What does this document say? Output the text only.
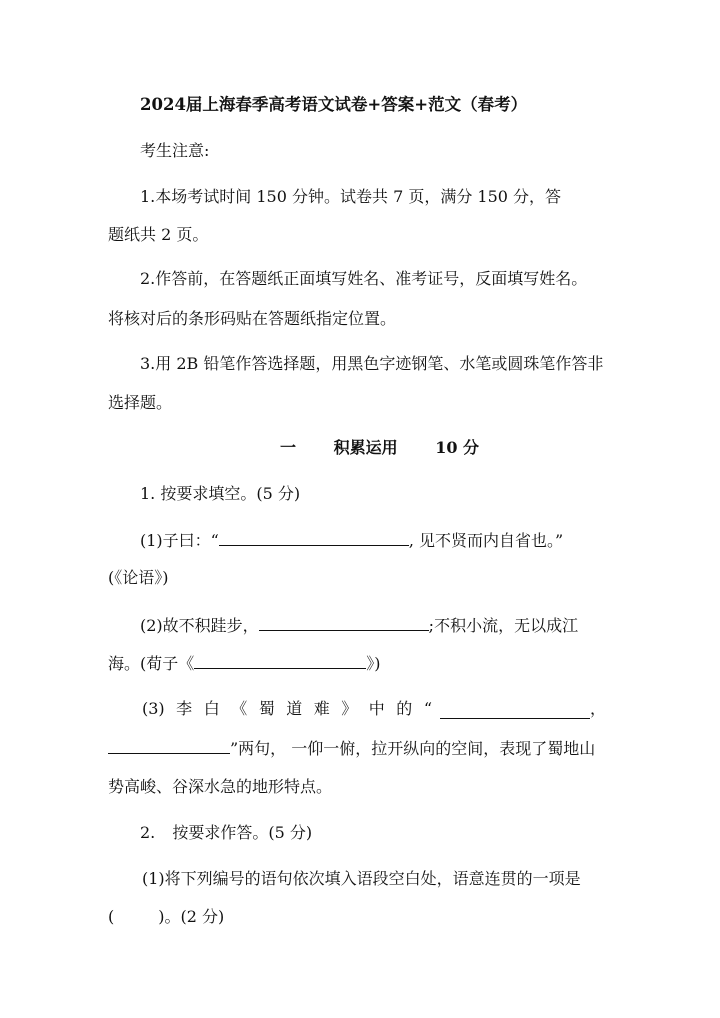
2024届上海春季高考语文试卷+答案+范文（春考）
考生注意:
1.本场考试时间 150 分钟。试卷共 7 页，满分 150 分，答
题纸共 2 页。
2.作答前，在答题纸正面填写姓名、准考证号，反面填写姓名。
将核对后的条形码贴在答题纸指定位置。
3.用 2B 铅笔作答选择题，用黑色字迹钢笔、水笔或圆珠笔作答非
选择题。
一 积累运用 10 分
1. 按要求填空。(5 分)
(1)子曰：“	, 见不贤而内自省也。”
(《论语》)
(2)故不积跬步，	;不积小流，无以成江
海。(荀子《	》)
(3) 李 白 《 蜀 道 难 》 中 的 “	，
”两句， 一仰一俯，拉开纵向的空间，表现了蜀地山
势高峻、谷深水急的地形特点。
2. 按要求作答。(5 分)
(1)将下列编号的语句依次填入语段空白处，语意连贯的一项是
(	)。(2 分)
